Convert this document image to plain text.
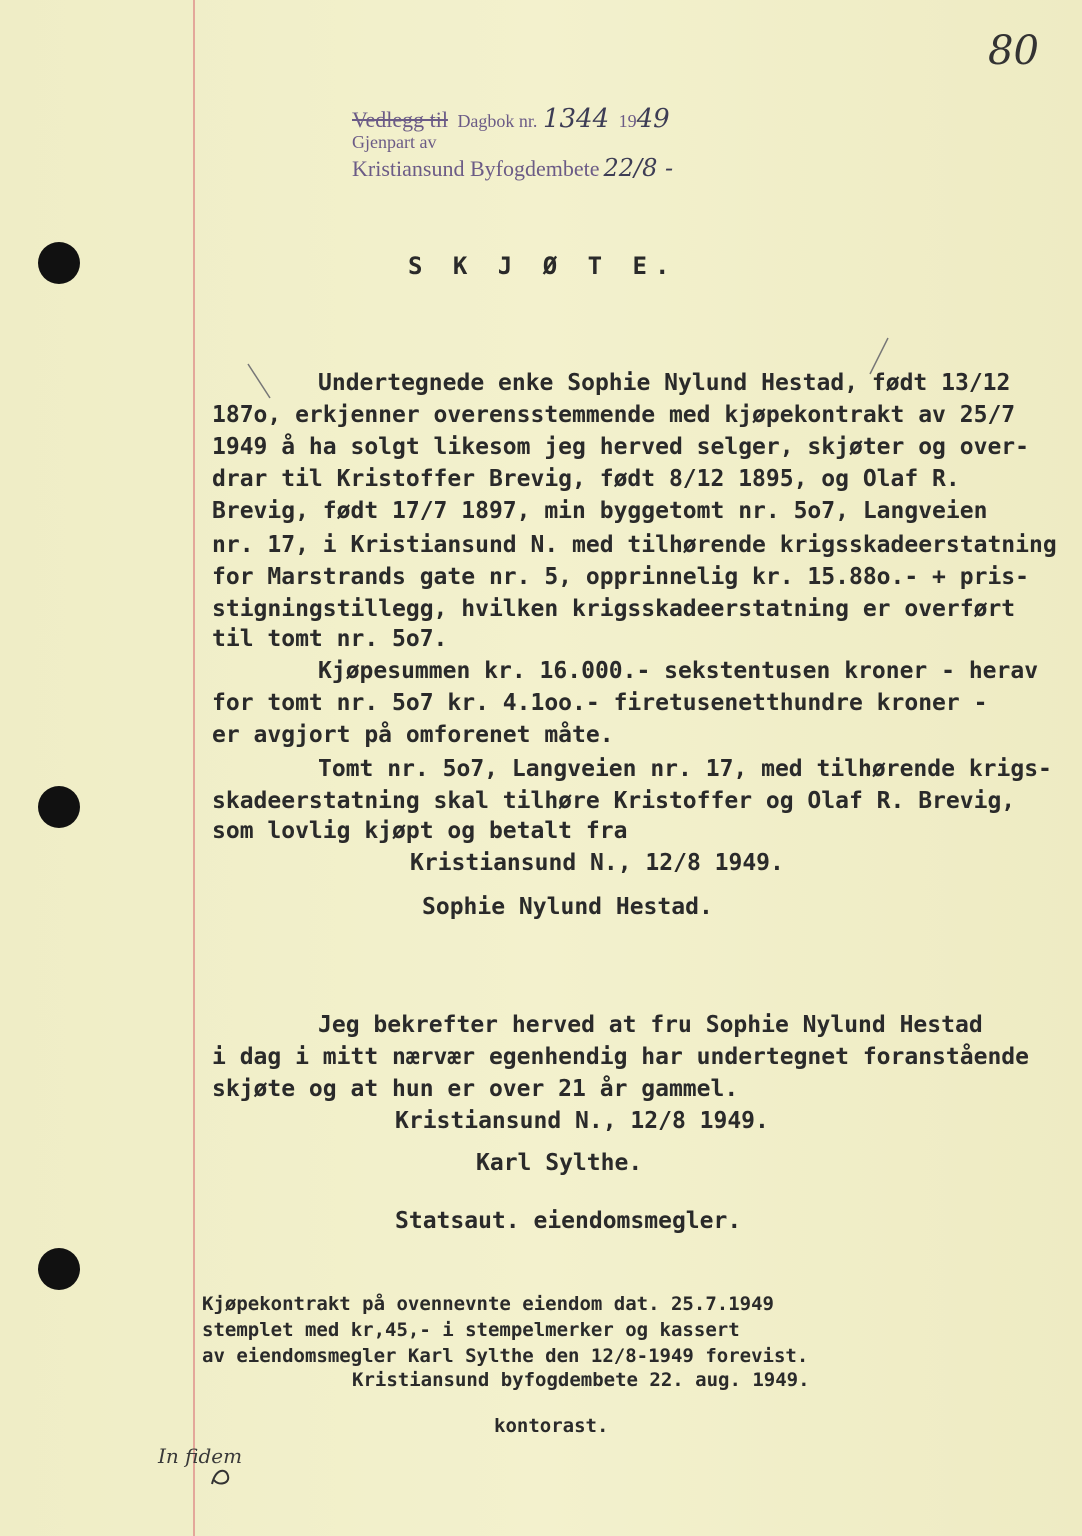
80
Vedlegg til Dagbok nr. 1344 1949
Gjenpart av
Kristiansund Byfogdembete 22/8 -
S K J Ø T E.
Undertegnede enke Sophie Nylund Hestad, født 13/12
187o, erkjenner overensstemmende med kjøpekontrakt av 25/7
1949 å ha solgt likesom jeg herved selger, skjøter og over-
drar til Kristoffer Brevig, født 8/12 1895, og Olaf R.
Brevig, født 17/7 1897, min byggetomt nr. 5o7, Langveien
nr. 17, i Kristiansund N. med tilhørende krigsskadeerstatning
for Marstrands gate nr. 5, opprinnelig kr. 15.88o.- + pris-
stigningstillegg, hvilken krigsskadeerstatning er overført
til tomt nr. 5o7.
Kjøpesummen kr. 16.000.- sekstentusen kroner - herav
for tomt nr. 5o7 kr. 4.1oo.- firetusenetthundre kroner -
er avgjort på omforenet måte.
Tomt nr. 5o7, Langveien nr. 17, med tilhørende krigs-
skadeerstatning skal tilhøre Kristoffer og Olaf R. Brevig,
som lovlig kjøpt og betalt fra
Kristiansund N., 12/8 1949.
Sophie Nylund Hestad.
Jeg bekrefter herved at fru Sophie Nylund Hestad
i dag i mitt nærvær egenhendig har undertegnet foranstående
skjøte og at hun er over 21 år gammel.
Kristiansund N., 12/8 1949.
Karl Sylthe.
Statsaut. eiendomsmegler.
Kjøpekontrakt på ovennevnte eiendom dat. 25.7.1949
stemplet med kr,45,- i stempelmerker og kassert
av eiendomsmegler Karl Sylthe den 12/8-1949 forevist.
Kristiansund byfogdembete 22. aug. 1949.
kontorast.
In fidem
